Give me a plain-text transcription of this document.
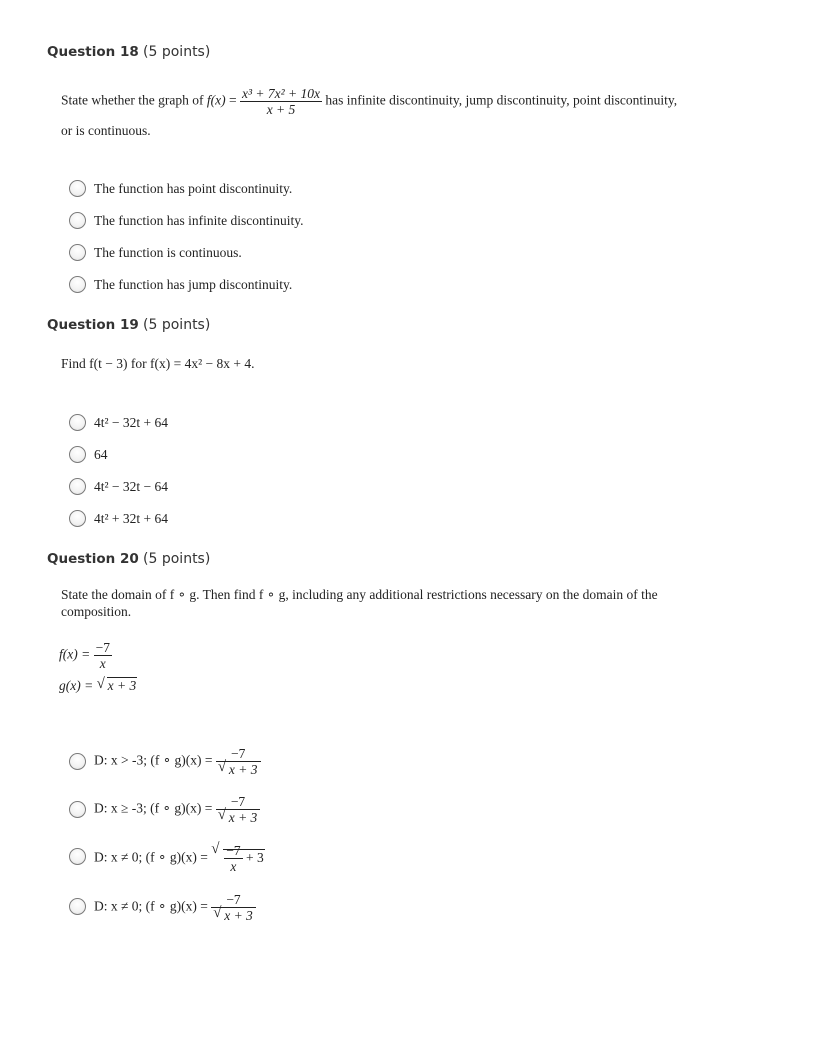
Question 18 (5 points)
State whether the graph of $f(x) = \frac{\text{x³ + 7x² + 10x}}{x + 5}$ has infinite discontinuity, jump discontinuity, point discontinuity,
or is continuous.
The function has point discontinuity.
The function has infinite discontinuity.
The function is continuous.
The function has jump discontinuity.
Question 19 (5 points)
Find f(t − 3) for f(x) = 4x² − 8x + 4.
4t² − 32t + 64
64
4t² − 32t − 64
4t² + 32t + 64
Question 20 (5 points)
State the domain of f ∘ g. Then find f ∘ g, including any additional restrictions necessary on the domain of the
composition.
$f(x) = \frac{-7}{x}$
g(x) = √ x + 3
D: x > -3; (f ∘ g)(x) = −7
√ x + 3
D: x ≥ -3; (f ∘ g)(x) = −7
√ x + 3
D: x ≠ 0; (f ∘ g)(x) = √ $\frac{-7}{x} + 3$
D: x ≠ 0; (f ∘ g)(x) = −7
√ x + 3
